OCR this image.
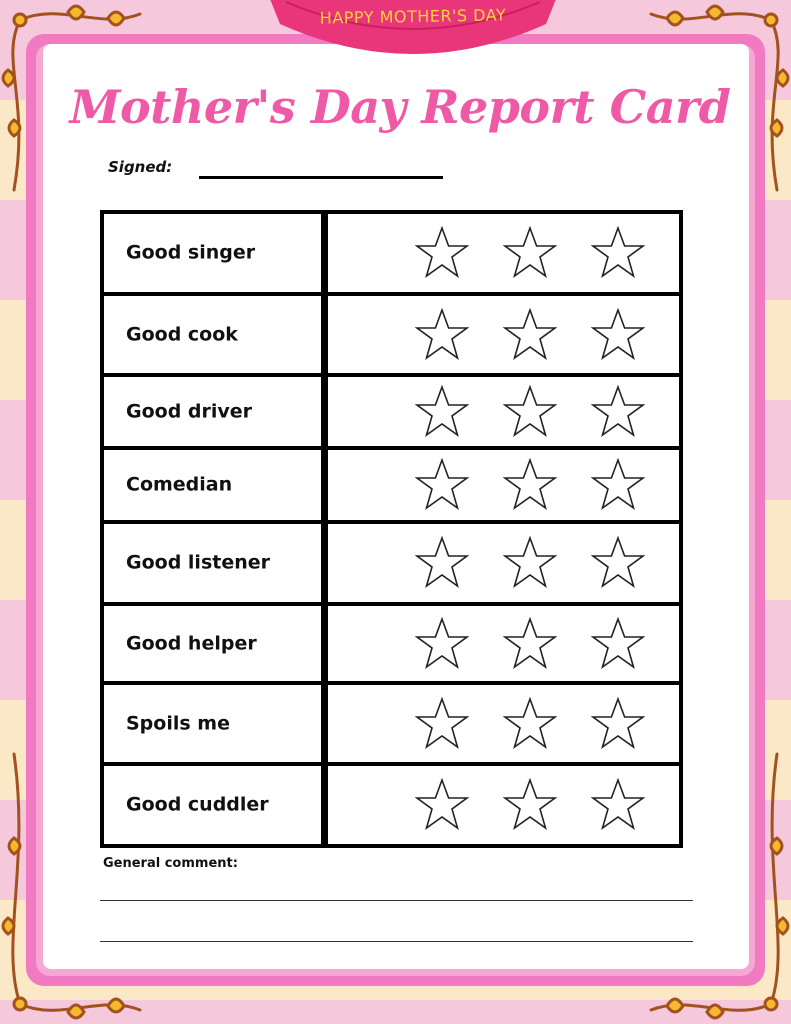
HAPPY MOTHER'S DAY
Mother's Day Report Card
Signed:
Good singer
Good cook
Good driver
Comedian
Good listener
Good helper
Spoils me
Good cuddler
General comment:
